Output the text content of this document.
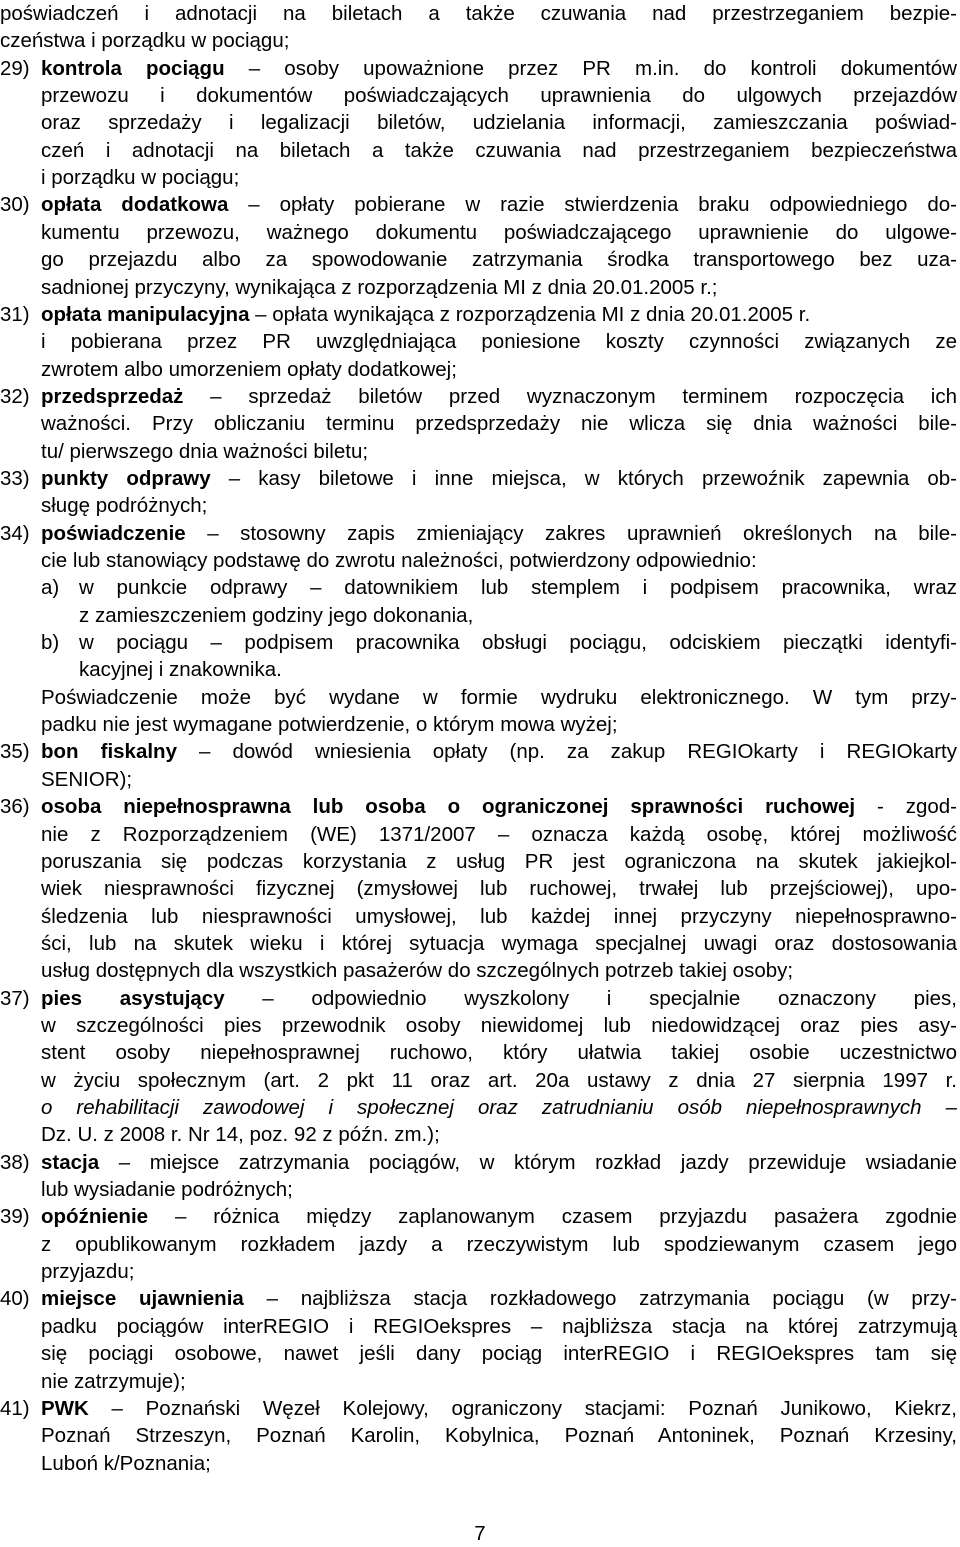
poświadczeń i adnotacji na biletach a także czuwania nad przestrzeganiem bezpie-
czeństwa i porządku w pociągu;
29) kontrola pociągu – osoby upoważnione przez PR m.in. do kontroli dokumentów
przewozu i dokumentów poświadczających uprawnienia do ulgowych przejazdów
oraz sprzedaży i legalizacji biletów, udzielania informacji, zamieszczania poświad-
czeń i adnotacji na biletach a także czuwania nad przestrzeganiem bezpieczeństwa
i porządku w pociągu;
30) opłata dodatkowa – opłaty pobierane w razie stwierdzenia braku odpowiedniego do-
kumentu przewozu, ważnego dokumentu poświadczającego uprawnienie do ulgowe-
go przejazdu albo za spowodowanie zatrzymania środka transportowego bez uza-
sadnionej przyczyny, wynikająca z rozporządzenia MI z dnia 20.01.2005 r.;
31) opłata manipulacyjna – opłata wynikająca z rozporządzenia MI z dnia 20.01.2005 r.
i pobierana przez PR uwzględniająca poniesione koszty czynności związanych ze
zwrotem albo umorzeniem opłaty dodatkowej;
32) przedsprzedaż – sprzedaż biletów przed wyznaczonym terminem rozpoczęcia ich
ważności. Przy obliczaniu terminu przedsprzedaży nie wlicza się dnia ważności bile-
tu/ pierwszego dnia ważności biletu;
33) punkty odprawy – kasy biletowe i inne miejsca, w których przewoźnik zapewnia ob-
sługę podróżnych;
34) poświadczenie – stosowny zapis zmieniający zakres uprawnień określonych na bile-
cie lub stanowiący podstawę do zwrotu należności, potwierdzony odpowiednio:
a) w punkcie odprawy – datownikiem lub stemplem i podpisem pracownika, wraz
z zamieszczeniem godziny jego dokonania,
b) w pociągu – podpisem pracownika obsługi pociągu, odciskiem pieczątki identyfi-
kacyjnej i znakownika.
Poświadczenie może być wydane w formie wydruku elektronicznego. W tym przy-
padku nie jest wymagane potwierdzenie, o którym mowa wyżej;
35) bon fiskalny – dowód wniesienia opłaty (np. za zakup REGIOkarty i REGIOkarty
SENIOR);
36) osoba niepełnosprawna lub osoba o ograniczonej sprawności ruchowej - zgod-
nie z Rozporządzeniem (WE) 1371/2007 – oznacza każdą osobę, której możliwość
poruszania się podczas korzystania z usług PR jest ograniczona na skutek jakiejkol-
wiek niesprawności fizycznej (zmysłowej lub ruchowej, trwałej lub przejściowej), upo-
śledzenia lub niesprawności umysłowej, lub każdej innej przyczyny niepełnosprawno-
ści, lub na skutek wieku i której sytuacja wymaga specjalnej uwagi oraz dostosowania
usług dostępnych dla wszystkich pasażerów do szczególnych potrzeb takiej osoby;
37) pies asystujący – odpowiednio wyszkolony i specjalnie oznaczony pies,
w szczególności pies przewodnik osoby niewidomej lub niedowidzącej oraz pies asy-
stent osoby niepełnosprawnej ruchowo, który ułatwia takiej osobie uczestnictwo
w życiu społecznym (art. 2 pkt 11 oraz art. 20a ustawy z dnia 27 sierpnia 1997 r.
o rehabilitacji zawodowej i społecznej oraz zatrudnianiu osób niepełnosprawnych –
Dz. U. z 2008 r. Nr 14, poz. 92 z późn. zm.);
38) stacja – miejsce zatrzymania pociągów, w którym rozkład jazdy przewiduje wsiadanie
lub wysiadanie podróżnych;
39) opóźnienie – różnica między zaplanowanym czasem przyjazdu pasażera zgodnie
z opublikowanym rozkładem jazdy a rzeczywistym lub spodziewanym czasem jego
przyjazdu;
40) miejsce ujawnienia – najbliższa stacja rozkładowego zatrzymania pociągu (w przy-
padku pociągów interREGIO i REGIOekspres – najbliższa stacja na której zatrzymują
się pociągi osobowe, nawet jeśli dany pociąg interREGIO i REGIOekspres tam się
nie zatrzymuje);
41) PWK – Poznański Węzeł Kolejowy, ograniczony stacjami: Poznań Junikowo, Kiekrz,
Poznań Strzeszyn, Poznań Karolin, Kobylnica, Poznań Antoninek, Poznań Krzesiny,
Luboń k/Poznania;
7
